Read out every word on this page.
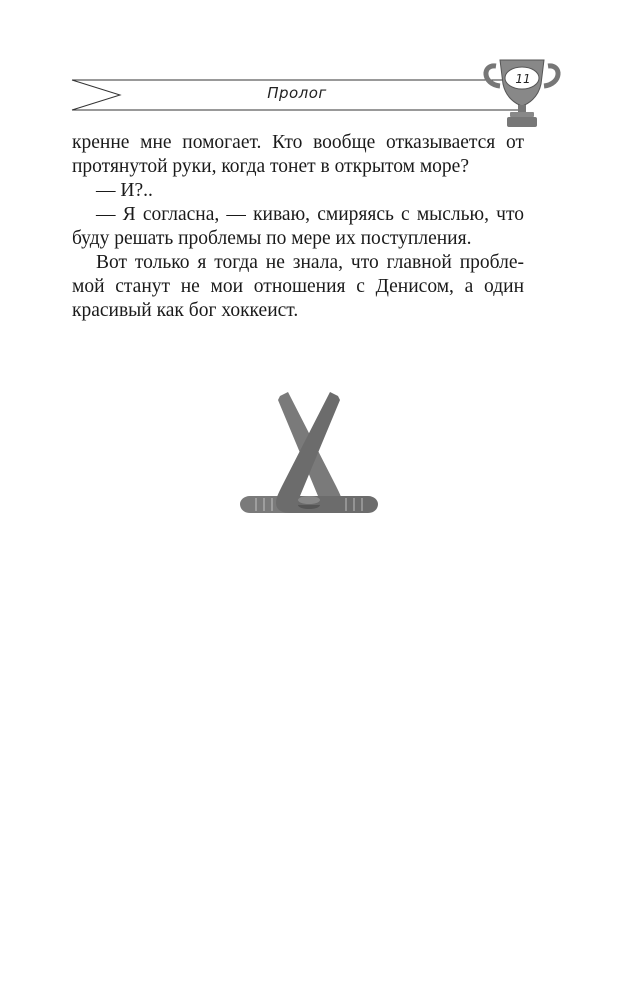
Пролог
11
кренне мне помогает. Кто вообще отказывается от
протянутой руки, когда тонет в открытом море?
— И?..
— Я согласна, — киваю, смиряясь с мыслью, что
буду решать проблемы по мере их поступления.
Вот только я тогда не знала, что главной пробле-
мой станут не мои отношения с Денисом, а один
красивый как бог хоккеист.
